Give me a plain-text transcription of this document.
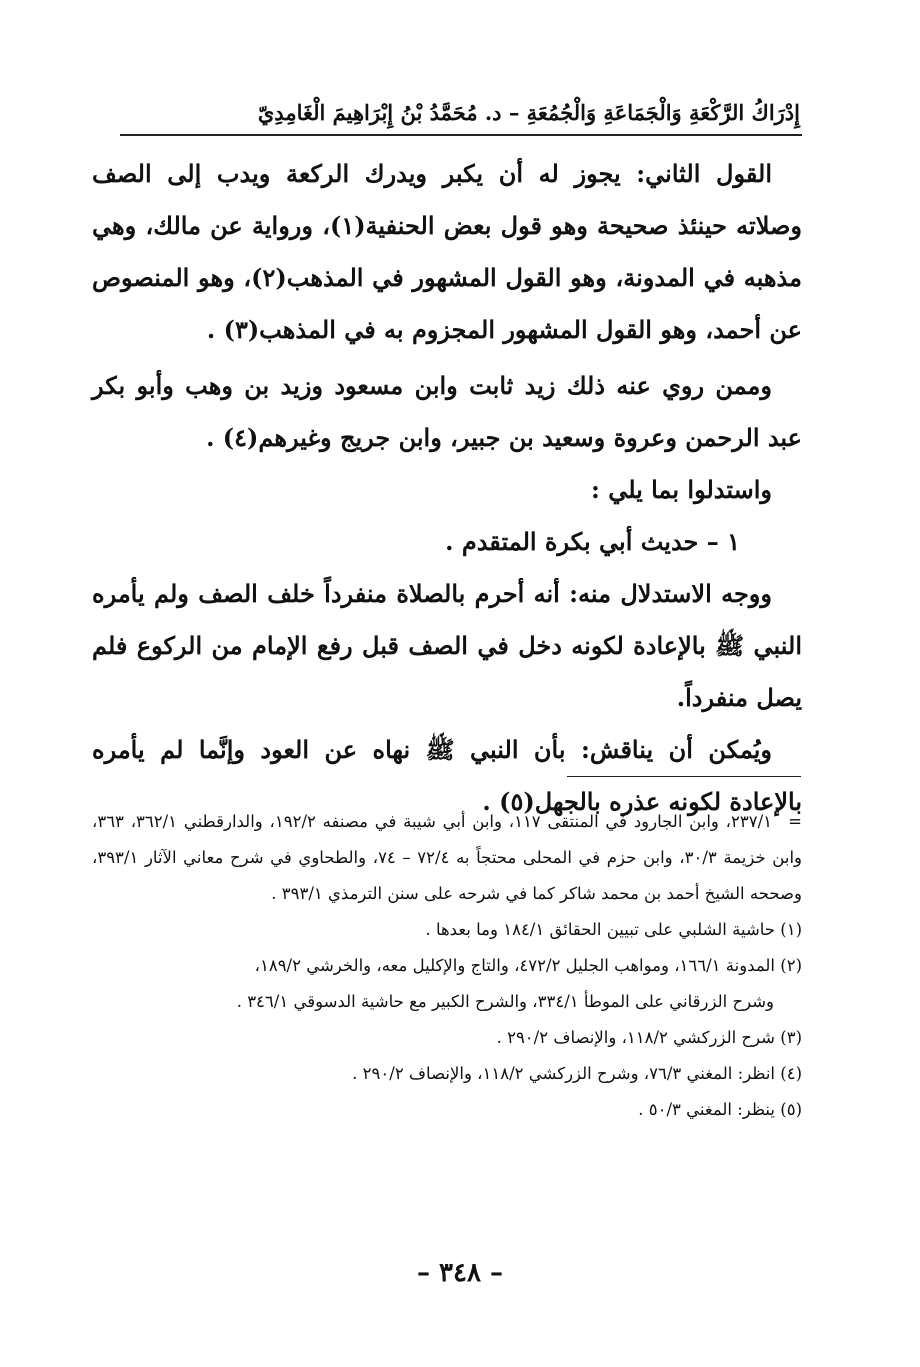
إِدْرَاكُ الرَّكْعَةِ وَالْجَمَاعَةِ وَالْجُمُعَةِ – د. مُحَمَّدُ بْنُ إِبْرَاهِيمَ الْغَامِدِيّ

القول الثاني: يجوز له أن يكبر ويدرك الركعة ويدب إلى الصف وصلاته حينئذ صحيحة وهو قول بعض الحنفية(١)، ورواية عن مالك، وهي مذهبه في المدونة، وهو القول المشهور في المذهب(٢)، وهو المنصوص عن أحمد، وهو القول المشهور المجزوم به في المذهب(٣) .

وممن روي عنه ذلك زيد ثابت وابن مسعود وزيد بن وهب وأبو بكر عبد الرحمن وعروة وسعيد بن جبير، وابن جريج وغيرهم(٤) .

واستدلوا بما يلي :

١ – حديث أبي بكرة المتقدم .

ووجه الاستدلال منه: أنه أحرم بالصلاة منفرداً خلف الصف ولم يأمره النبي ﷺ بالإعادة لكونه دخل في الصف قبل رفع الإمام من الركوع فلم يصل منفرداً.

ويُمكن أن يناقش: بأن النبي ﷺ نهاه عن العود وإنَّما لم يأمره بالإعادة لكونه عذره بالجهل(٥) .

=٢٣٧/١، وابن الجارود في المنتقى ١١٧، وابن أبي شيبة في مصنفه ١٩٢/٢، والدارقطني ٣٦٢/١، ٣٦٣، وابن خزيمة ٣٠/٣، وابن حزم في المحلى محتجاً به ٧٢/٤ – ٧٤، والطحاوي في شرح معاني الآثار ٣٩٣/١، وصححه الشيخ أحمد بن محمد شاكر كما في شرحه على سنن الترمذي ٣٩٣/١ .

(١) حاشية الشلبي على تبيين الحقائق ١٨٤/١ وما بعدها .

(٢) المدونة ١٦٦/١، ومواهب الجليل ٤٧٢/٢، والتاج والإكليل معه، والخرشي ١٨٩/٢،

وشرح الزرقاني على الموطأ ٣٣٤/١، والشرح الكبير مع حاشية الدسوقي ٣٤٦/١ .

(٣) شرح الزركشي ١١٨/٢، والإنصاف ٢٩٠/٢ .

(٤) انظر: المغني ٧٦/٣، وشرح الزركشي ١١٨/٢، والإنصاف ٢٩٠/٢ .

(٥) ينظر: المغني ٥٠/٣ .

– ٣٤٨ –
